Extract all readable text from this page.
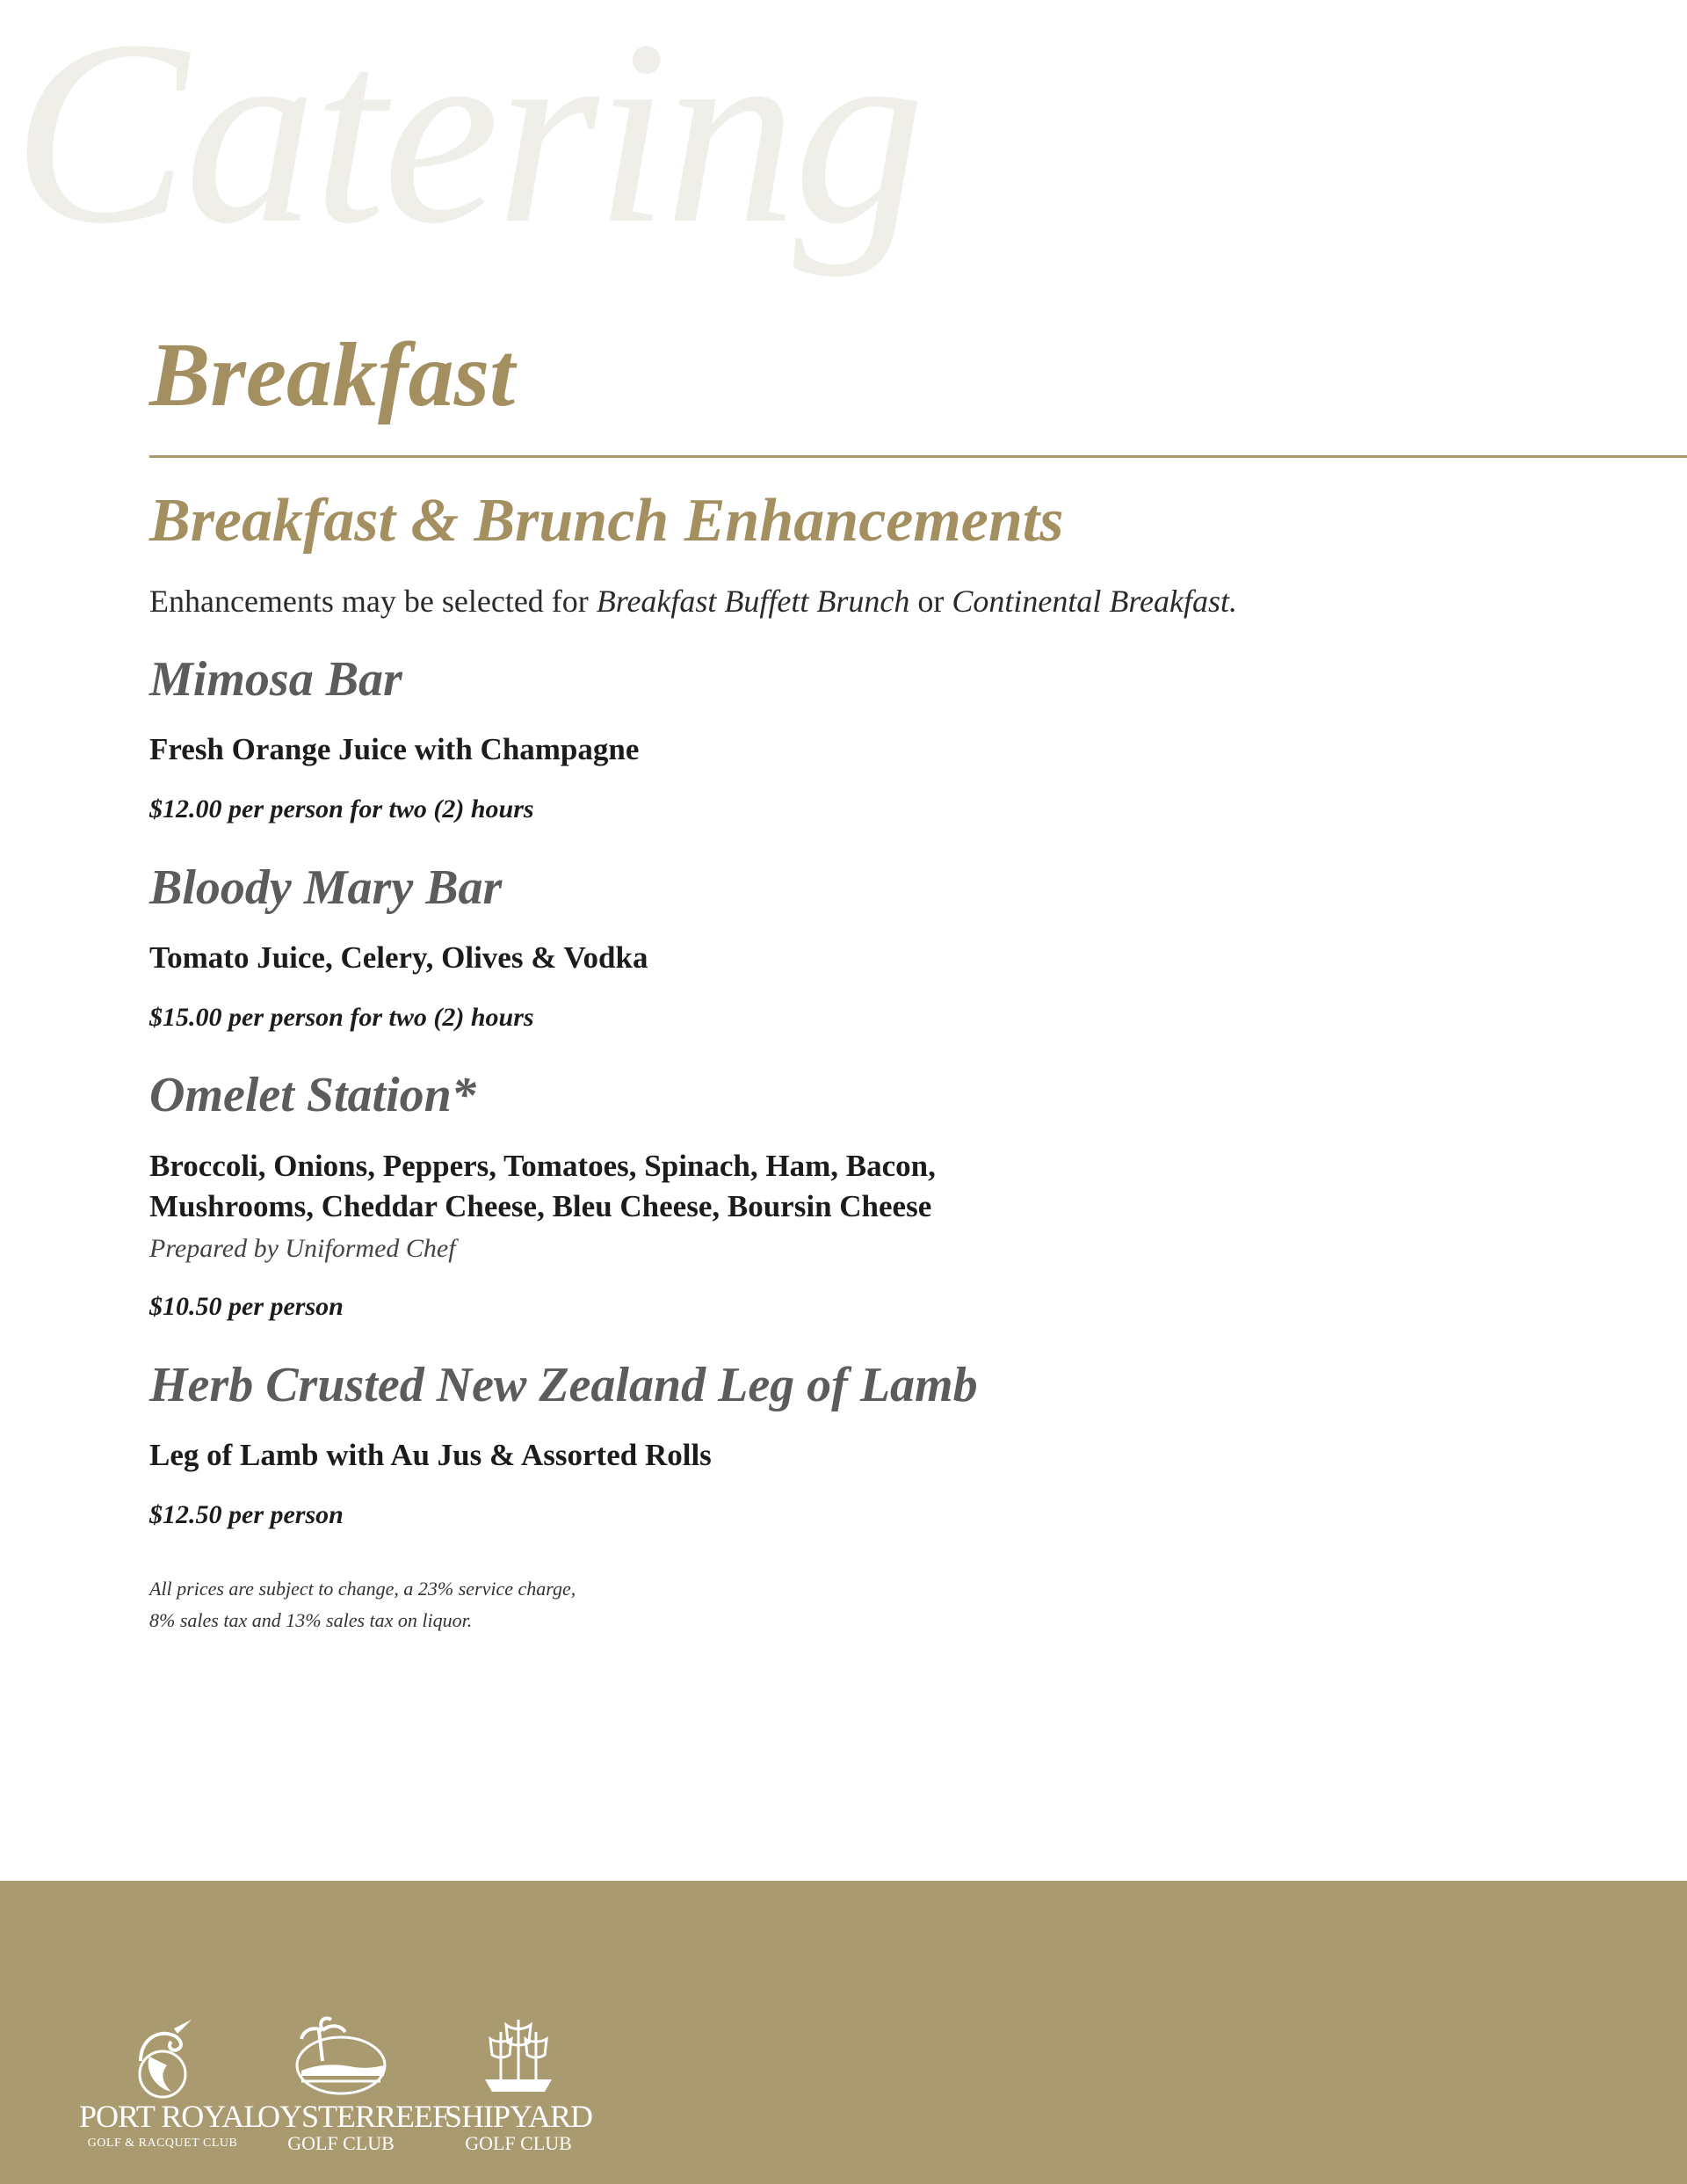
Catering
Breakfast
Breakfast & Brunch Enhancements
Enhancements may be selected for Breakfast Buffett Brunch or Continental Breakfast.
Mimosa Bar
Fresh Orange Juice with Champagne
$12.00 per person for two (2) hours
Bloody Mary Bar
Tomato Juice, Celery, Olives & Vodka
$15.00 per person for two (2) hours
Omelet Station*
Broccoli, Onions, Peppers, Tomatoes, Spinach, Ham, Bacon,
Mushrooms, Cheddar Cheese, Bleu Cheese, Boursin Cheese
Prepared by Uniformed Chef
$10.50 per person
Herb Crusted New Zealand Leg of Lamb
Leg of Lamb with Au Jus & Assorted Rolls
$12.50 per person
All prices are subject to change, a 23% service charge,
8% sales tax and 13% sales tax on liquor.
PORT ROYAL
GOLF & RACQUET CLUB
OYSTERREEF
GOLF CLUB
SHIPYARD
GOLF CLUB
